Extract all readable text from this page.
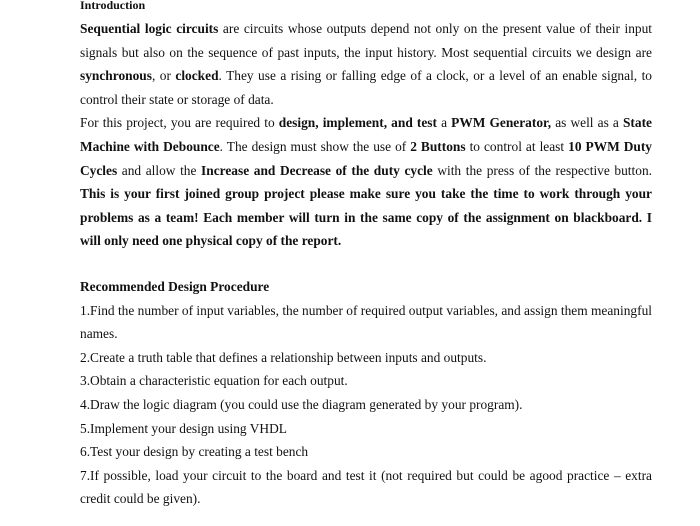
Introduction

Sequential logic circuits are circuits whose outputs depend not only on the present value of their input signals but also on the sequence of past inputs, the input history. Most sequential circuits we design are synchronous, or clocked. They use a rising or falling edge of a clock, or a level of an enable signal, to control their state or storage of data.

For this project, you are required to design, implement, and test a PWM Generator, as well as a State Machine with Debounce. The design must show the use of 2 Buttons to control at least 10 PWM Duty Cycles and allow the Increase and Decrease of the duty cycle with the press of the respective button. This is your first joined group project please make sure you take the time to work through your problems as a team! Each member will turn in the same copy of the assignment on blackboard. I will only need one physical copy of the report.

Recommended Design Procedure
1.Find the number of input variables, the number of required output variables, and assign them meaningful names.
2.Create a truth table that defines a relationship between inputs and outputs.
3.Obtain a characteristic equation for each output.
4.Draw the logic diagram (you could use the diagram generated by your program).
5.Implement your design using VHDL
6.Test your design by creating a test bench
7.If possible, load your circuit to the board and test it (not required but could be agood practice – extra credit could be given).
